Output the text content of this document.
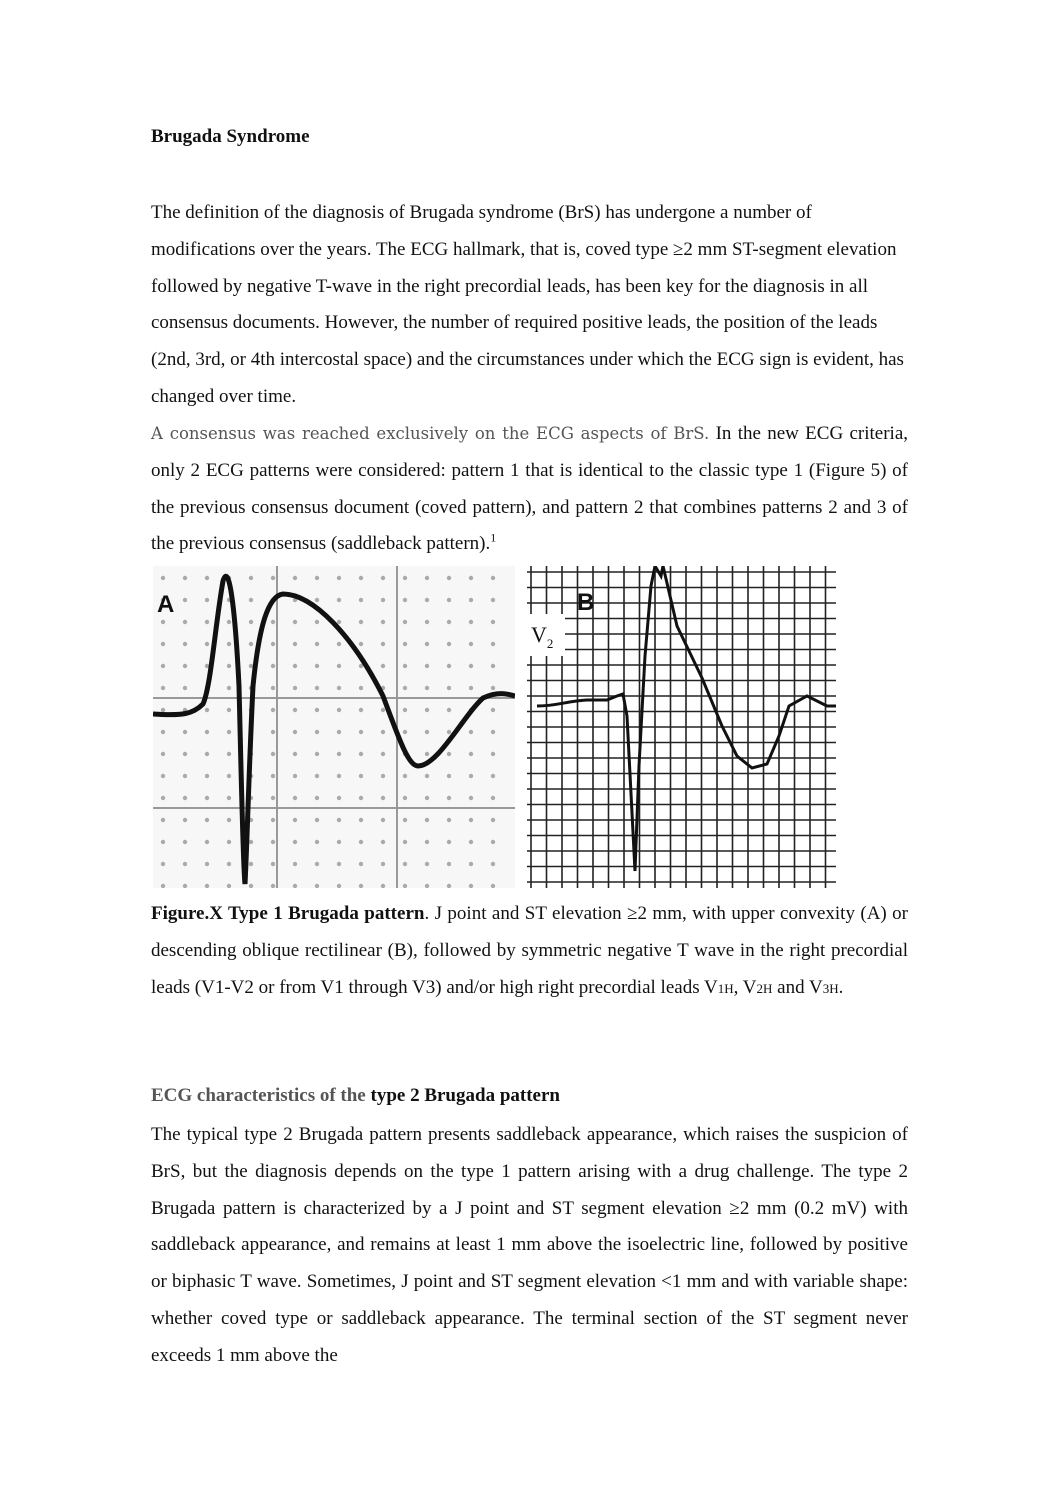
Brugada Syndrome

The definition of the diagnosis of Brugada syndrome (BrS) has undergone a number of modifications over the years. The ECG hallmark, that is, coved type ≥2 mm ST-segment elevation followed by negative T-wave in the right precordial leads, has been key for the diagnosis in all consensus documents. However, the number of required positive leads, the position of the leads (2nd, 3rd, or 4th intercostal space) and the circumstances under which the ECG sign is evident, has changed over time.

A consensus was reached exclusively on the ECG aspects of BrS. In the new ECG criteria, only 2 ECG patterns were considered: pattern 1 that is identical to the classic type 1 (Figure 5) of the previous consensus document (coved pattern), and pattern 2 that combines patterns 2 and 3 of the previous consensus (saddleback pattern).$^1$

A
$V_2$
B

Figure.X Type 1 Brugada pattern. J point and ST elevation ≥2 mm, with upper convexity (A) or descending oblique rectilinear (B), followed by symmetric negative T wave in the right precordial leads (V1-V2 or from V1 through V3) and/or high right precordial leads V1H, V2H and V3H.

ECG characteristics of the type 2 Brugada pattern

The typical type 2 Brugada pattern presents saddleback appearance, which raises the suspicion of BrS, but the diagnosis depends on the type 1 pattern arising with a drug challenge. The type 2 Brugada pattern is characterized by a J point and ST segment elevation ≥2 mm (0.2 mV) with saddleback appearance, and remains at least 1 mm above the isoelectric line, followed by positive or biphasic T wave. Sometimes, J point and ST segment elevation <1 mm and with variable shape: whether coved type or saddleback appearance. The terminal section of the ST segment never exceeds 1 mm above the
